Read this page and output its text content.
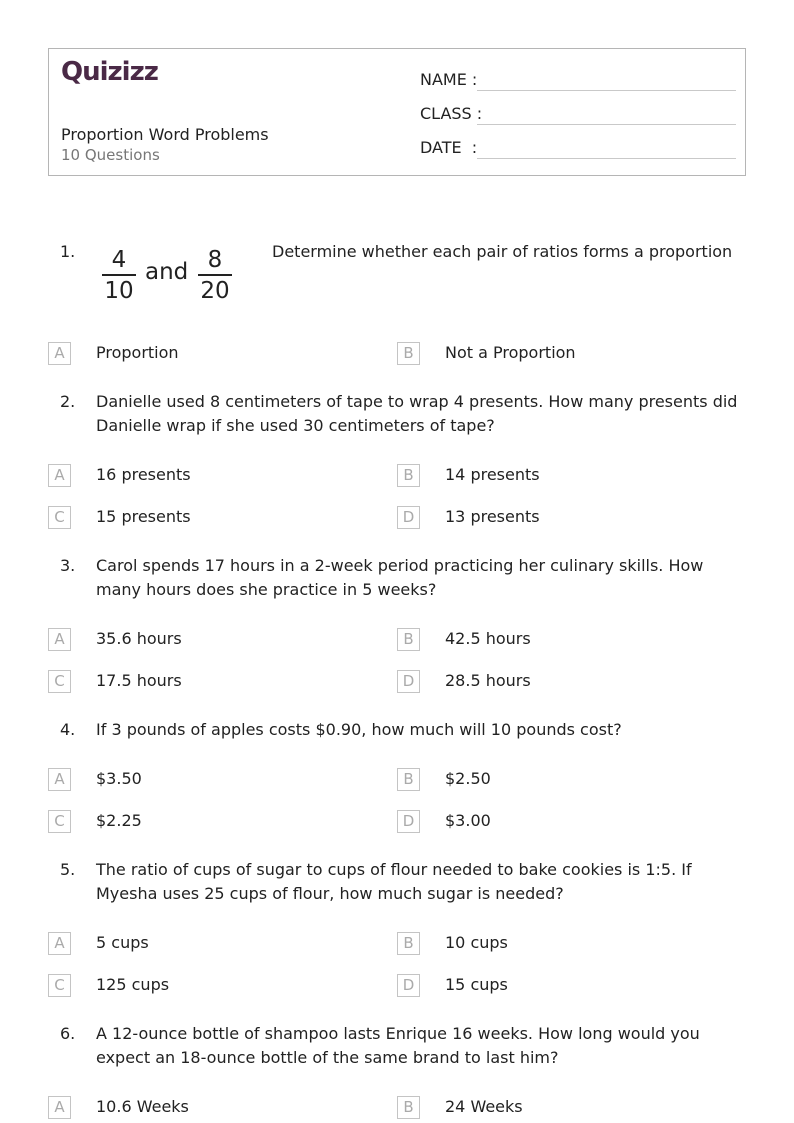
Quizizz
Proportion Word Problems
10 Questions
NAME :
CLASS :
DATE  :
1.	4
10
and 8
20
Determine whether each pair of ratios forms a proportion
A	Proportion	B	Not a Proportion
2. Danielle used 8 centimeters of tape to wrap 4 presents. How many presents did Danielle wrap if she used 30 centimeters of tape?
A	16 presents	B	14 presents
C	15 presents	D	13 presents
3. Carol spends 17 hours in a 2-week period practicing her culinary skills. How many hours does she practice in 5 weeks?
A	35.6 hours	B	42.5 hours
C	17.5 hours	D	28.5 hours
4. If 3 pounds of apples costs $0.90, how much will 10 pounds cost?
A	$3.50	B	$2.50
C	$2.25	D	$3.00
5. The ratio of cups of sugar to cups of flour needed to bake cookies is 1:5. If Myesha uses 25 cups of flour, how much sugar is needed?
A	5 cups	B	10 cups
C	125 cups	D	15 cups
6. A 12-ounce bottle of shampoo lasts Enrique 16 weeks. How long would you expect an 18-ounce bottle of the same brand to last him?
A	10.6 Weeks	B	24 Weeks
